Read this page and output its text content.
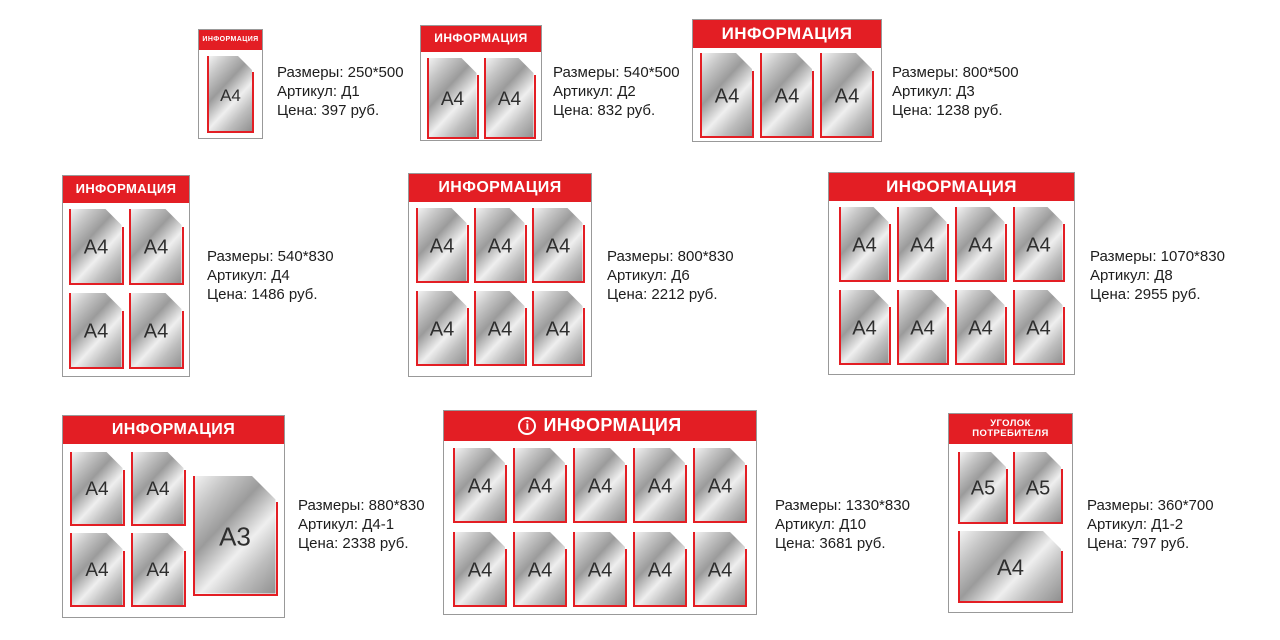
ИНФОРМАЦИЯ
A4
Размеры: 250*500
Артикул: Д1
Цена: 397 руб.
ИНФОРМАЦИЯ
A4	A4
Размеры: 540*500
Артикул: Д2
Цена: 832 руб.
ИНФОРМАЦИЯ
A4	A4	A4
Размеры: 800*500
Артикул: Д3
Цена: 1238 руб.
ИНФОРМАЦИЯ
A4	A4
A4	A4
Размеры: 540*830
Артикул: Д4
Цена: 1486 руб.
ИНФОРМАЦИЯ
A4	A4	A4
A4	A4	A4
Размеры: 800*830
Артикул: Д6
Цена: 2212 руб.
ИНФОРМАЦИЯ
A4	A4	A4	A4
A4	A4	A4	A4
Размеры: 1070*830
Артикул: Д8
Цена: 2955 руб.
ИНФОРМАЦИЯ
A4	A4
A4	A4
A3
Размеры: 880*830
Артикул: Д4-1
Цена: 2338 руб.
i
ИНФОРМАЦИЯ
A4	A4	A4	A4	A4
A4	A4	A4	A4	A4
Размеры: 1330*830
Артикул: Д10
Цена: 3681 руб.
УГОЛОК ПОТРЕБИТЕЛЯ
A5	A5
A4
Размеры: 360*700
Артикул: Д1-2
Цена: 797 руб.
